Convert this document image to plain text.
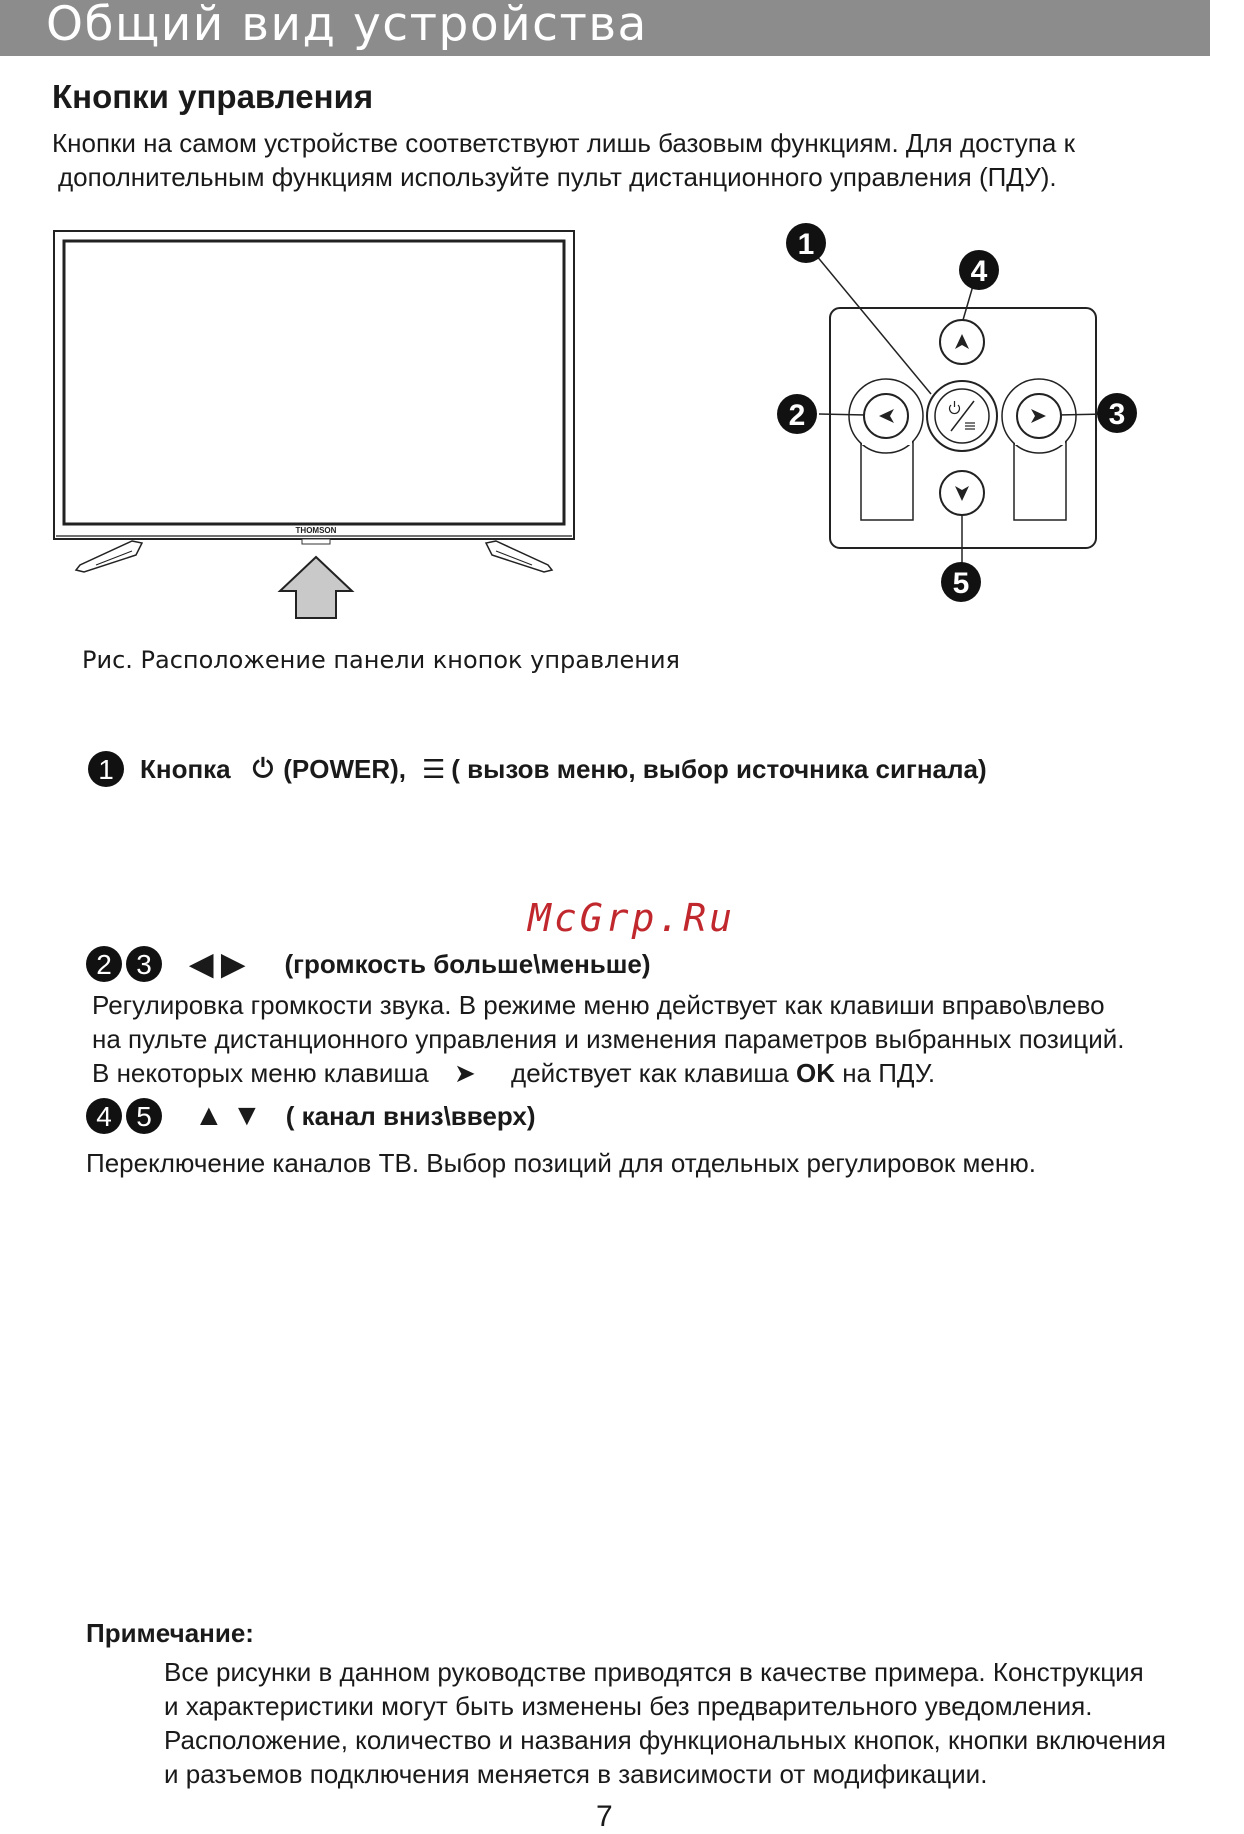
Общий вид устройства
Кнопки управления
Кнопки на самом устройстве соответствуют лишь базовым функциям. Для доступа к
дополнительным функциям используйте пульт дистанционного управления (ПДУ).
THOMSON
1
4
2	3
5
Рис. Расположение панели кнопок управления
1	Кнопка ⏻ (POWER), ☰ ( вызов меню, выбор источника сигнала)
McGrp.Ru
2 3	◀ ▶ (громкость больше\меньше)
Регулировка громкости звука. В режиме меню действует как клавиши вправо\влево
на пульте дистанционного управления и изменения параметров выбранных позиций.
В некоторых меню клавиша ➤ действует как клавиша OK на ПДУ.
4 5	▲ ▼ ( канал вниз\вверх)
Переключение каналов ТВ. Выбор позиций для отдельных регулировок меню.
Примечание:
Все рисунки в данном руководстве приводятся в качестве примера. Конструкция
и характеристики могут быть изменены без предварительного уведомления.
Расположение, количество и названия функциональных кнопок, кнопки включения
и разъемов подключения меняется в зависимости от модификации.
7
